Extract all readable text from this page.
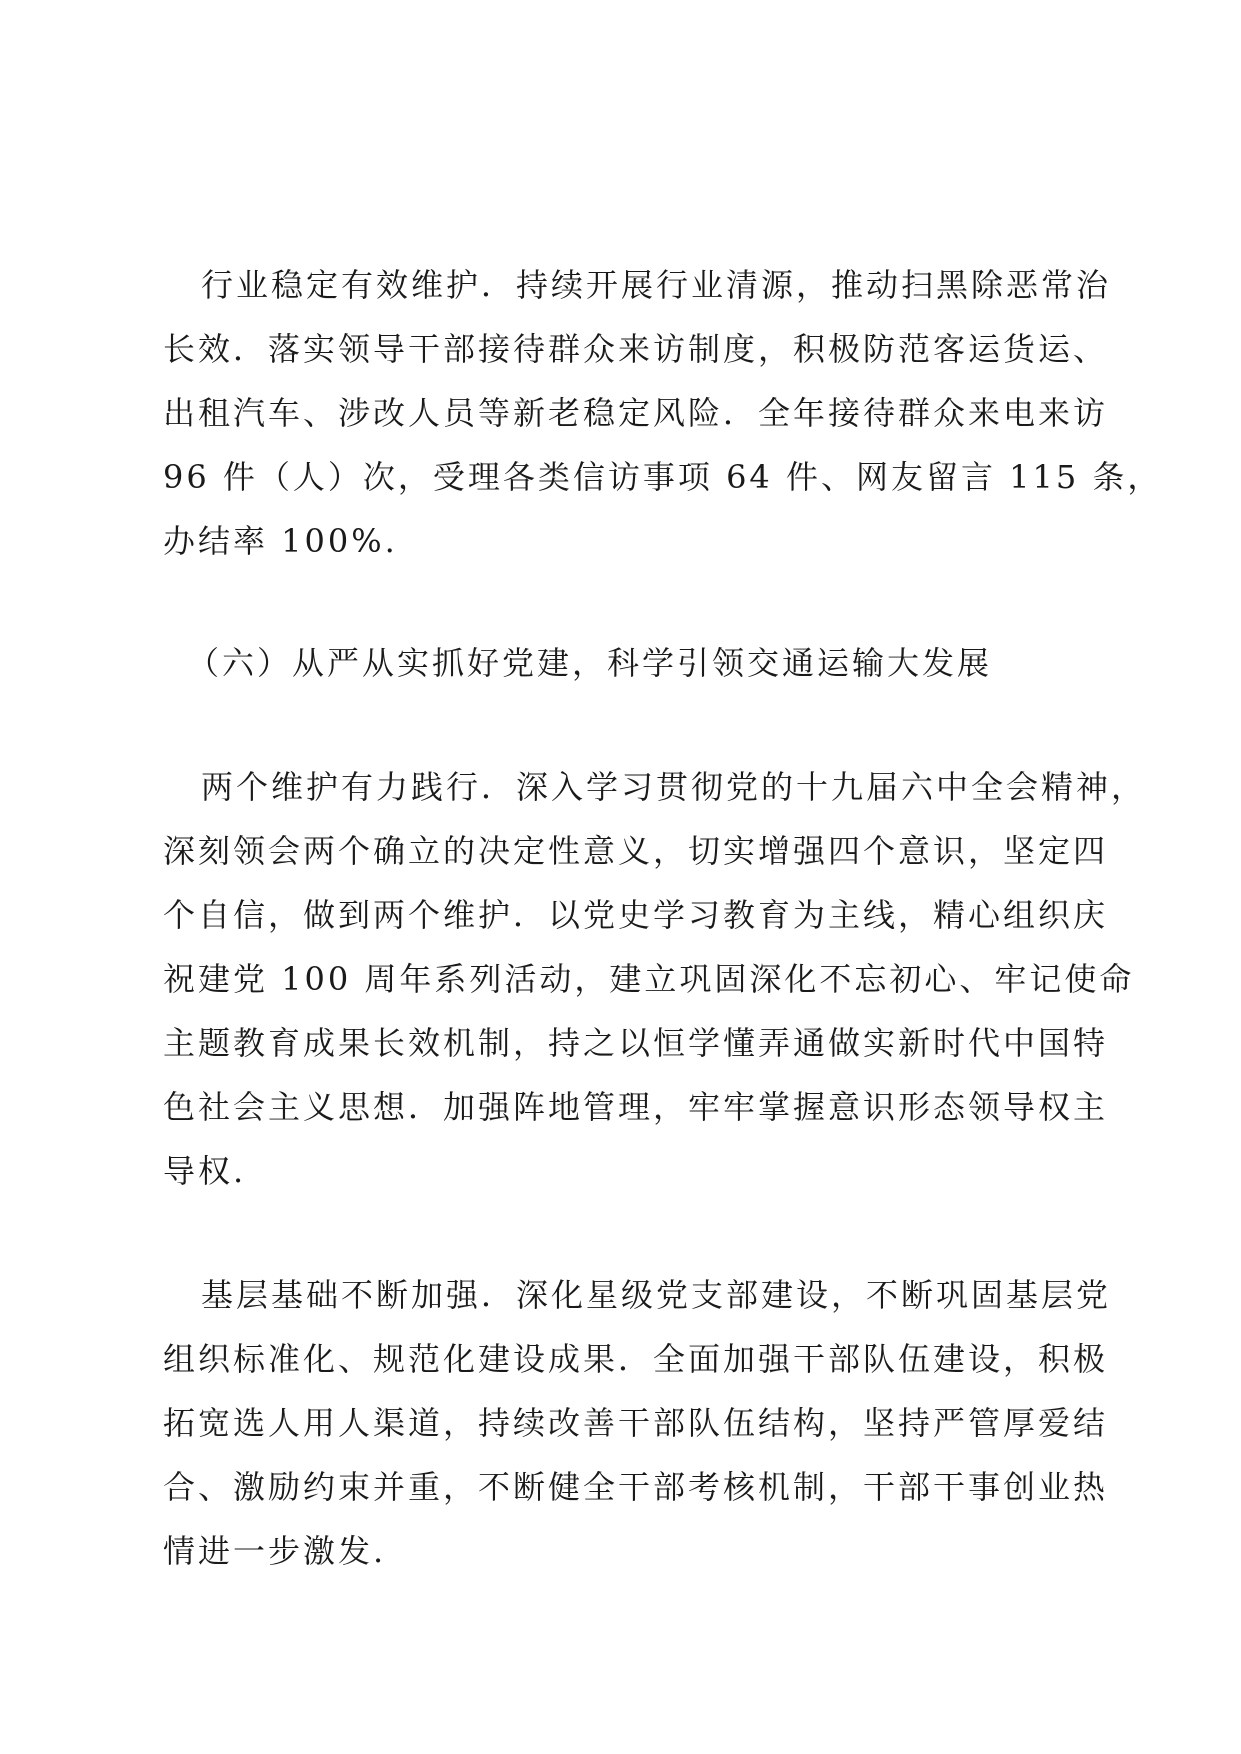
行业稳定有效维护．持续开展行业清源，推动扫黑除恶常治
长效．落实领导干部接待群众来访制度，积极防范客运货运、
出租汽车、涉改人员等新老稳定风险．全年接待群众来电来访
96 件（人）次，受理各类信访事项 64 件、网友留言 115 条，
办结率 100%.

（六）从严从实抓好党建，科学引领交通运输大发展

两个维护有力践行．深入学习贯彻党的十九届六中全会精神，
深刻领会两个确立的决定性意义，切实增强四个意识，坚定四
个自信，做到两个维护．以党史学习教育为主线，精心组织庆
祝建党 100 周年系列活动，建立巩固深化不忘初心、牢记使命
主题教育成果长效机制，持之以恒学懂弄通做实新时代中国特
色社会主义思想．加强阵地管理，牢牢掌握意识形态领导权主
导权.

基层基础不断加强．深化星级党支部建设，不断巩固基层党
组织标准化、规范化建设成果．全面加强干部队伍建设，积极
拓宽选人用人渠道，持续改善干部队伍结构，坚持严管厚爱结
合、激励约束并重，不断健全干部考核机制，干部干事创业热
情进一步激发.
